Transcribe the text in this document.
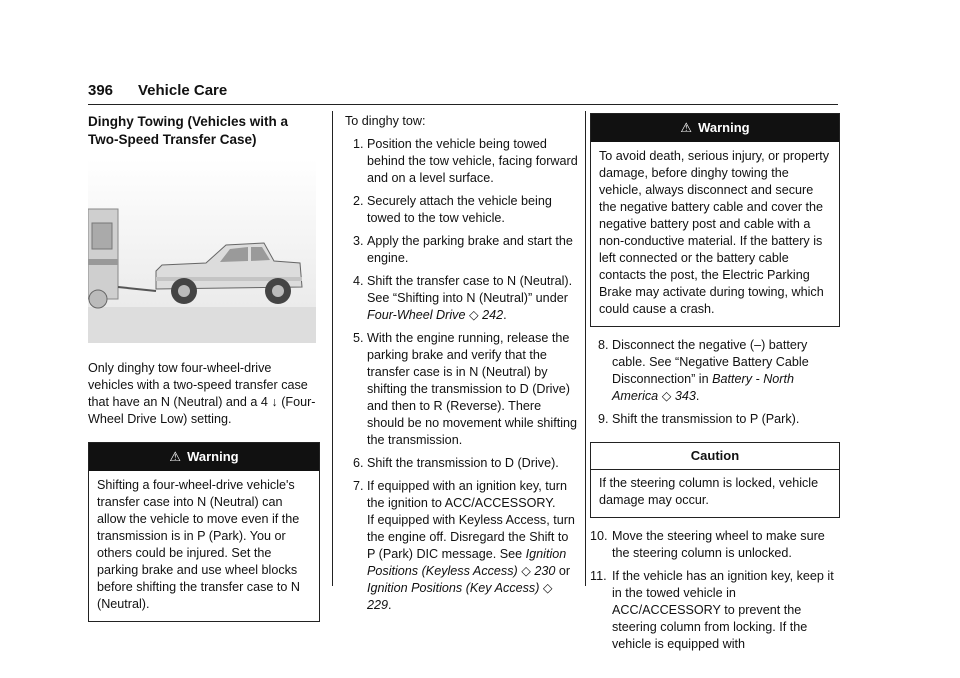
396 Vehicle Care
Dinghy Towing (Vehicles with a
Two-Speed Transfer Case)

Only dinghy tow four-wheel-drive vehicles with a two-speed transfer case that have an N (Neutral) and a 4 ↓ (Four-Wheel Drive Low) setting.

⚠ Warning
Shifting a four-wheel-drive vehicle's transfer case into N (Neutral) can allow the vehicle to move even if the transmission is in P (Park). You or others could be injured. Set the parking brake and use wheel blocks before shifting the transfer case to N (Neutral).

To dinghy tow:

1. Position the vehicle being towed behind the tow vehicle, facing forward and on a level surface.
2. Securely attach the vehicle being towed to the tow vehicle.
3. Apply the parking brake and start the engine.
4. Shift the transfer case to N (Neutral). See “Shifting into N (Neutral)” under
Four-Wheel Drive ◇ 242.
5. With the engine running, release the parking brake and verify that the transfer case is in N (Neutral) by shifting the transmission to D (Drive) and then to R (Reverse). There should be no movement while shifting the transmission.
6. Shift the transmission to D (Drive).
7. If equipped with an ignition key, turn the ignition to ACC/ACCESSORY.
If equipped with Keyless Access, turn the engine off. Disregard the Shift to P (Park) DIC message. See Ignition Positions (Keyless Access) ◇ 230 or
Ignition Positions (Key Access) ◇ 229.
⚠ Warning
To avoid death, serious injury, or property damage, before dinghy towing the vehicle, always disconnect and secure the negative battery cable and cover the negative battery post and cable with a non-conductive material. If the battery is left connected or the battery cable contacts the post, the Electric Parking Brake may activate during towing, which could cause a crash.
8. Disconnect the negative (–) battery cable. See “Negative Battery Cable Disconnection” in Battery - North America ◇ 343.
9. Shift the transmission to P (Park).
Caution
If the steering column is locked, vehicle damage may occur.
10. Move the steering wheel to make sure the steering column is unlocked.
11. If the vehicle has an ignition key, keep it in the towed vehicle in ACC/ACCESSORY to prevent the steering column from locking. If the vehicle is equipped with
